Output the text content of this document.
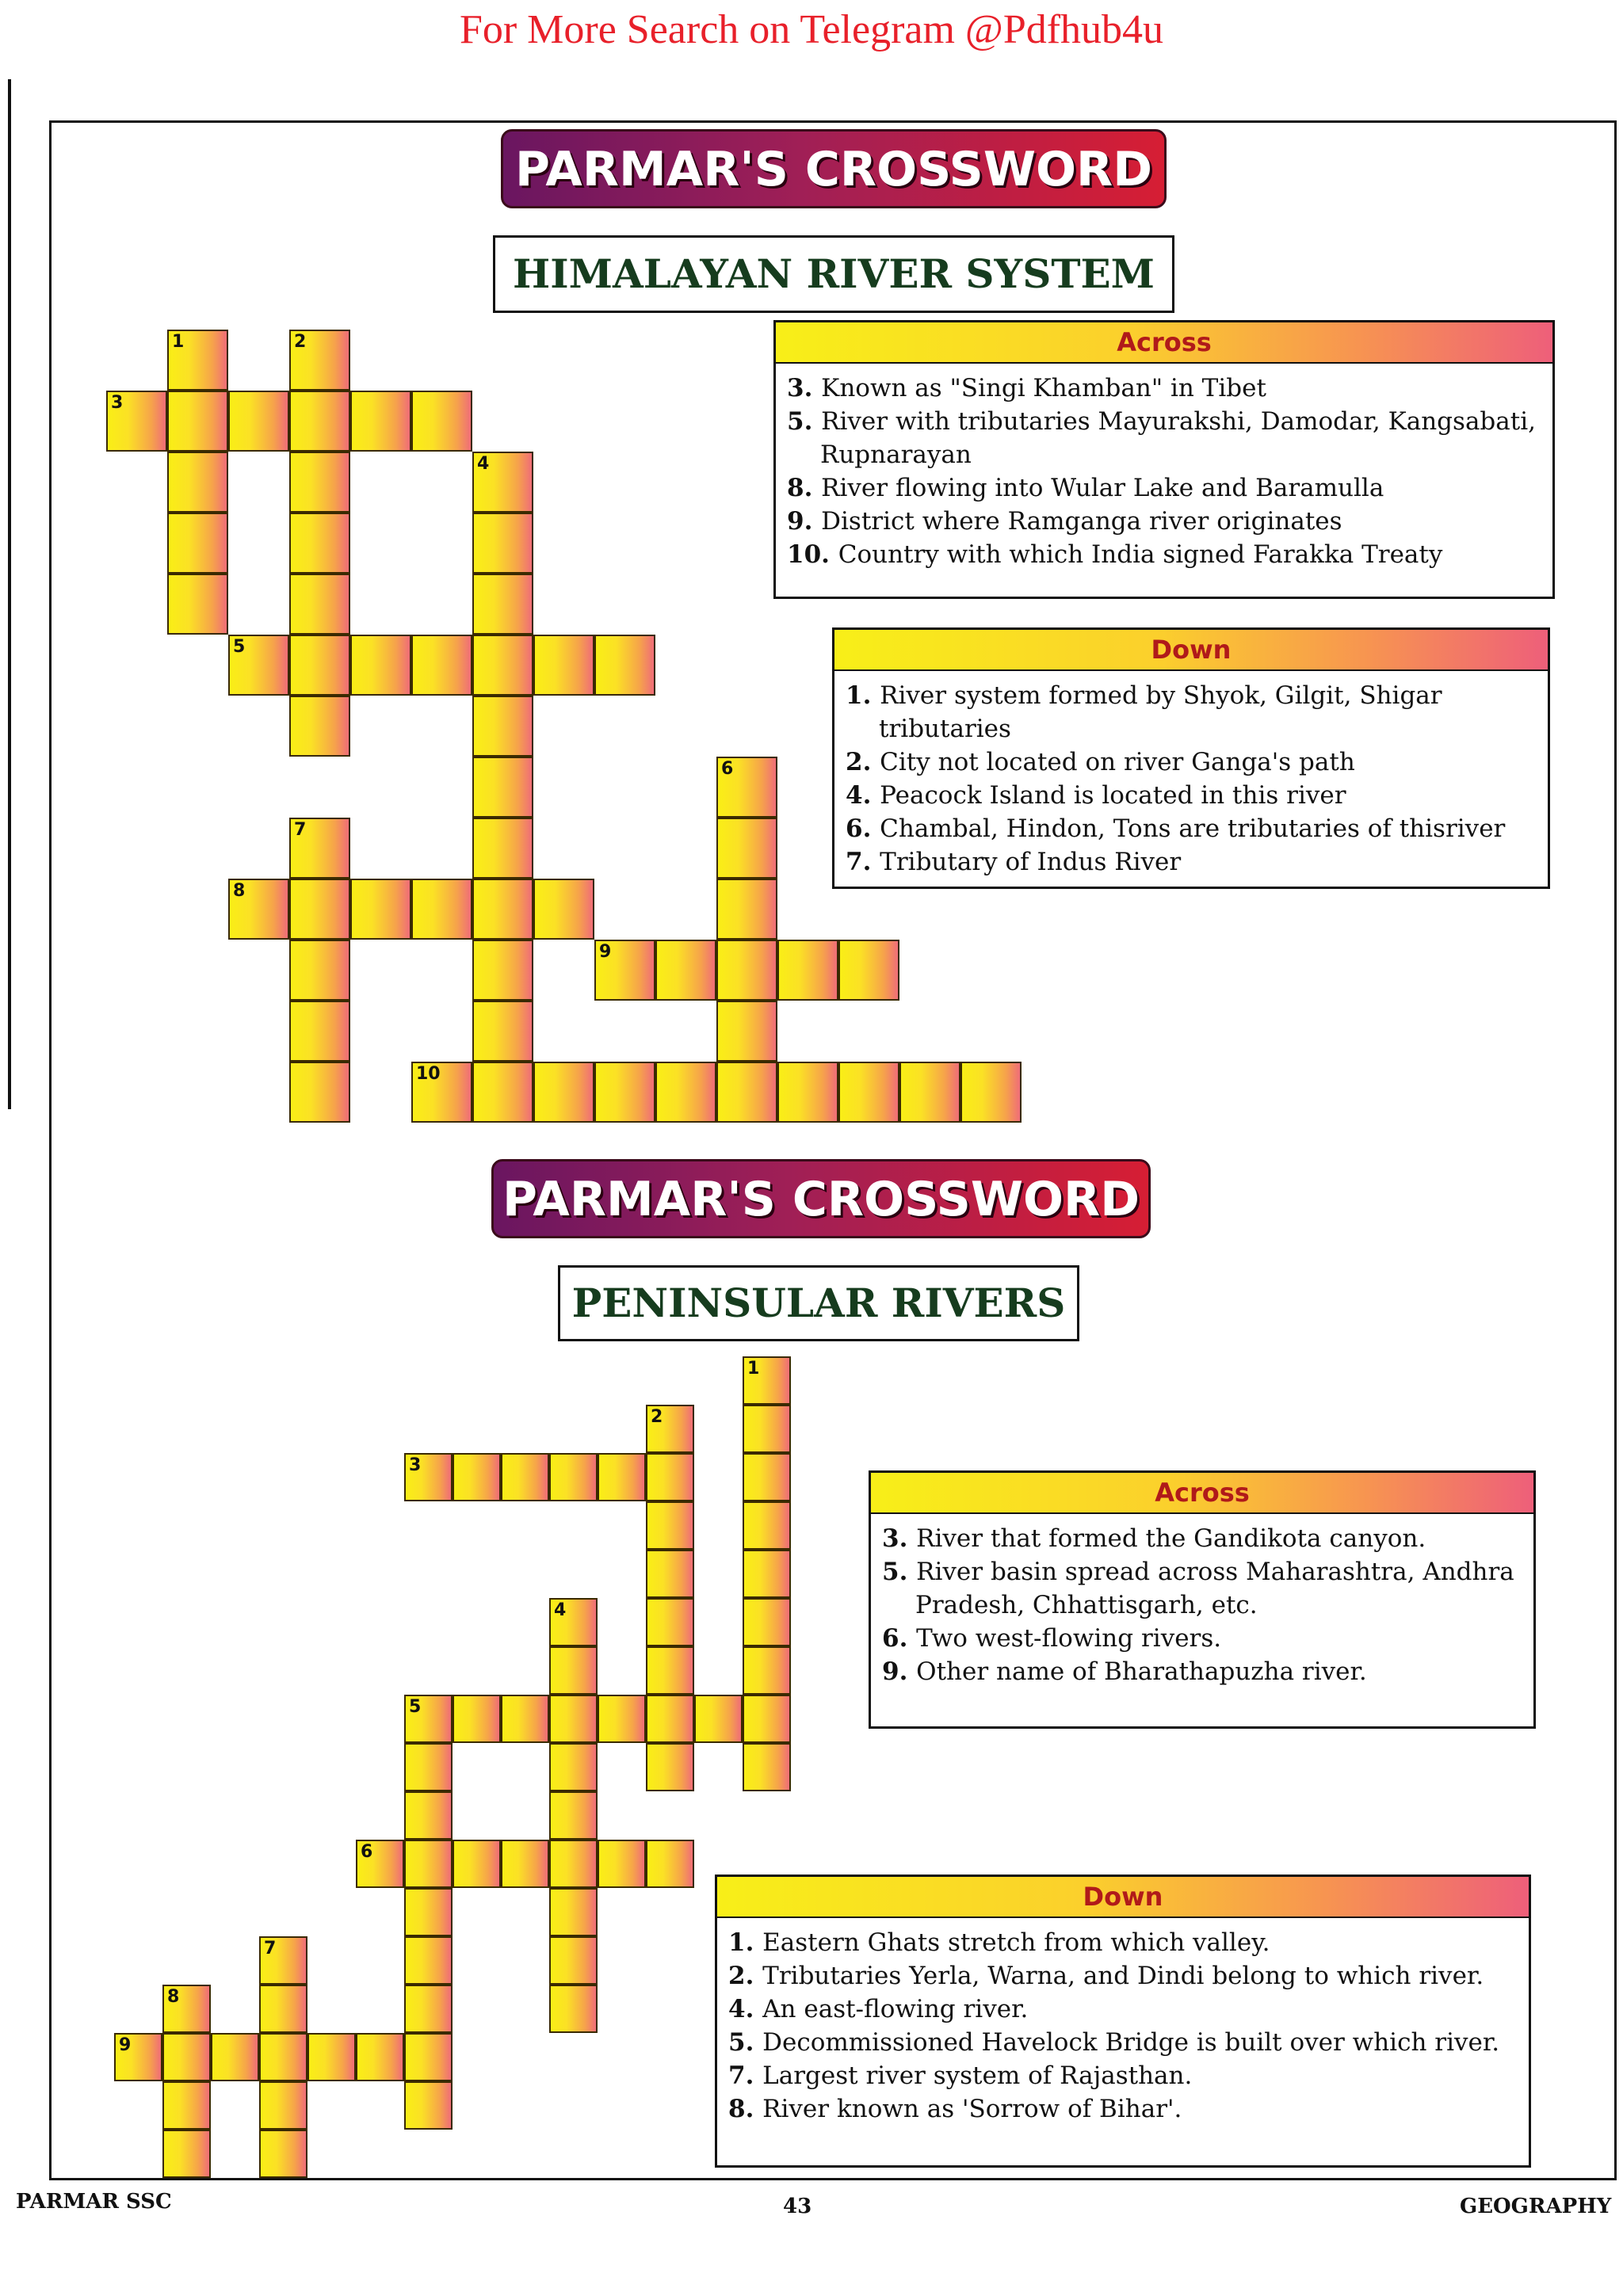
For More Search on Telegram @Pdfhub4u
PARMAR'S CROSSWORD
HIMALAYAN RIVER SYSTEM
1	2
3
4
5
6
7
8
9
10
Across
3. Known as "Singi Khamban" in Tibet
5. River with tributaries Mayurakshi, Damodar, Kangsabati, Rupnarayan
8. River flowing into Wular Lake and Baramulla
9. District where Ramganga river originates
10. Country with which India signed Farakka Treaty
Down
1. River system formed by Shyok, Gilgit, Shigar tributaries
2. City not located on river Ganga's path
4. Peacock Island is located in this river
6. Chambal, Hindon, Tons are tributaries of thisriver
7. Tributary of Indus River
PARMAR'S CROSSWORD
PENINSULAR RIVERS
1
2
3
4
5
6
7
8
9
Across
3. River that formed the Gandikota canyon.
5. River basin spread across Maharashtra, Andhra Pradesh, Chhattisgarh, etc.
6. Two west-flowing rivers.
9. Other name of Bharathapuzha river.
Down
1. Eastern Ghats stretch from which valley.
2. Tributaries Yerla, Warna, and Dindi belong to which river.
4. An east-flowing river.
5. Decommissioned Havelock Bridge is built over which river.
7. Largest river system of Rajasthan.
8. River known as 'Sorrow of Bihar'.
PARMAR SSC	43	GEOGRAPHY
